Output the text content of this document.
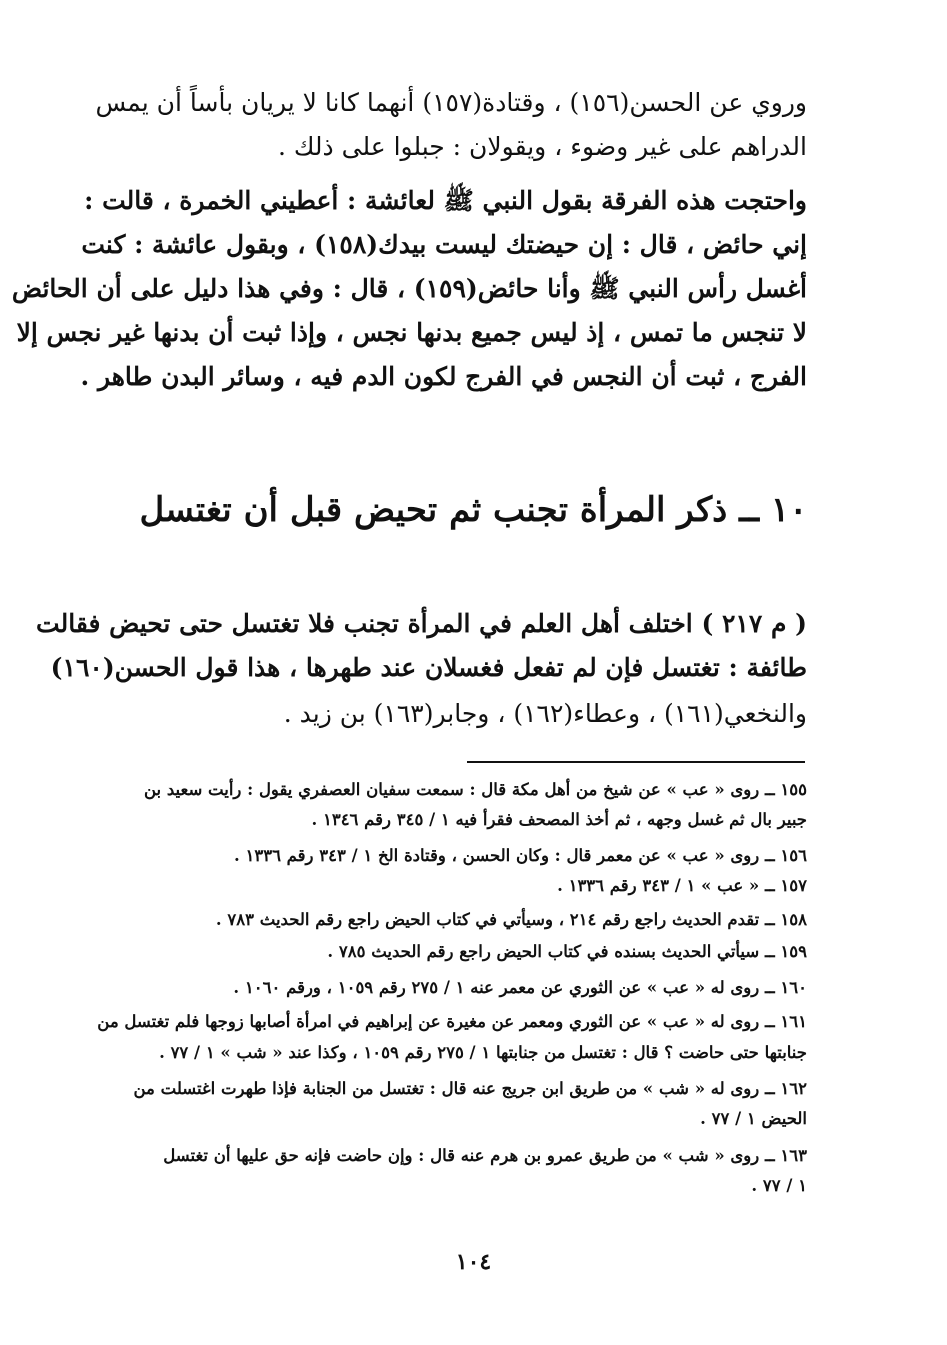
وروي عن الحسن(١٥٦) ، وقتادة(١٥٧) أنهما كانا لا يريان بأساً أن يمس
الدراهم على غير وضوء ، ويقولان : جبلوا على ذلك .
واحتجت هذه الفرقة بقول النبي ﷺ لعائشة : أعطيني الخمرة ، قالت :
إني حائض ، قال : إن حيضتك ليست بيدك(١٥٨) ، وبقول عائشة : كنت
أغسل رأس النبي ﷺ وأنا حائض(١٥٩) ، قال : وفي هذا دليل على أن الحائض
لا تنجس ما تمس ، إذ ليس جميع بدنها نجس ، وإذا ثبت أن بدنها غير نجس إلا
الفرج ، ثبت أن النجس في الفرج لكون الدم فيه ، وسائر البدن طاهر .
١٠ ــ ذكر المرأة تجنب ثم تحيض قبل أن تغتسل
( م ٢١٧ ) اختلف أهل العلم في المرأة تجنب فلا تغتسل حتى تحيض فقالت
طائفة : تغتسل فإن لم تفعل فغسلان عند طهرها ، هذا قول الحسن(١٦٠)
والنخعي(١٦١) ، وعطاء(١٦٢) ، وجابر(١٦٣) بن زيد .
١٥٥ ــ روى « عب » عن شيخ من أهل مكة قال : سمعت سفيان العصفري يقول : رأيت سعيد بن
جبير بال ثم غسل وجهه ، ثم أخذ المصحف فقرأ فيه ١ / ٣٤٥ رقم ١٣٤٦ .
١٥٦ ــ روى « عب » عن معمر قال : وكان الحسن ، وقتادة الخ ١ / ٣٤٣ رقم ١٣٣٦ .
١٥٧ ــ « عب » ١ / ٣٤٣ رقم ١٣٣٦ .
١٥٨ ــ تقدم الحديث راجع رقم ٢١٤ ، وسيأتي في كتاب الحيض راجع رقم الحديث ٧٨٣ .
١٥٩ ــ سيأتي الحديث بسنده في كتاب الحيض راجع رقم الحديث ٧٨٥ .
١٦٠ ــ روى له « عب » عن الثوري عن معمر عنه ١ / ٢٧٥ رقم ١٠٥٩ ، ورقم ١٠٦٠ .
١٦١ ــ روى له « عب » عن الثوري ومعمر عن مغيرة عن إبراهيم في امرأة أصابها زوجها فلم تغتسل من
جنابتها حتى حاضت ؟ قال : تغتسل من جنابتها ١ / ٢٧٥ رقم ١٠٥٩ ، وكذا عند « شب » ١ / ٧٧ .
١٦٢ ــ روى له « شب » من طريق ابن جريج عنه قال : تغتسل من الجنابة فإذا طهرت اغتسلت من
الحيض ١ / ٧٧ .
١٦٣ ــ روى « شب » من طريق عمرو بن هرم عنه قال : وإن حاضت فإنه حق عليها أن تغتسل
١ / ٧٧ .
١٠٤
